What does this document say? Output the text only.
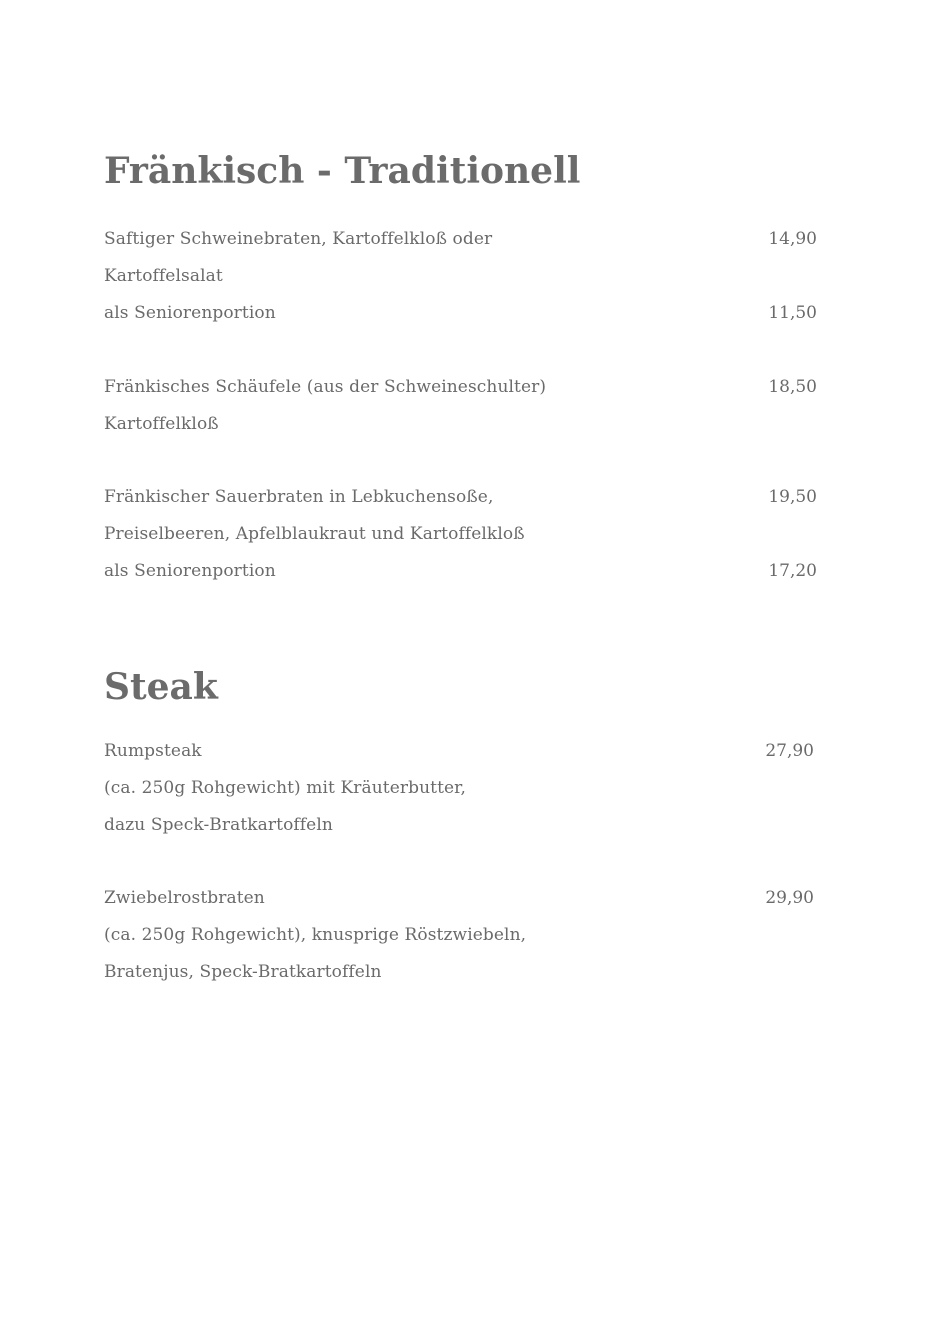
Fränkisch - Traditionell
Saftiger Schweinebraten, Kartoffelkloß oder	14,90
Kartoffelsalat
als Seniorenportion	11,50
Fränkisches Schäufele (aus der Schweineschulter)	18,50
Kartoffelkloß
Fränkischer Sauerbraten in Lebkuchensoße,	19,50
Preiselbeeren, Apfelblaukraut und Kartoffelkloß
als Seniorenportion	17,20
Steak
Rumpsteak	27,90
(ca. 250g Rohgewicht) mit Kräuterbutter,
dazu Speck-Bratkartoffeln
Zwiebelrostbraten	29,90
(ca. 250g Rohgewicht), knusprige Röstzwiebeln,
Bratenjus, Speck-Bratkartoffeln
